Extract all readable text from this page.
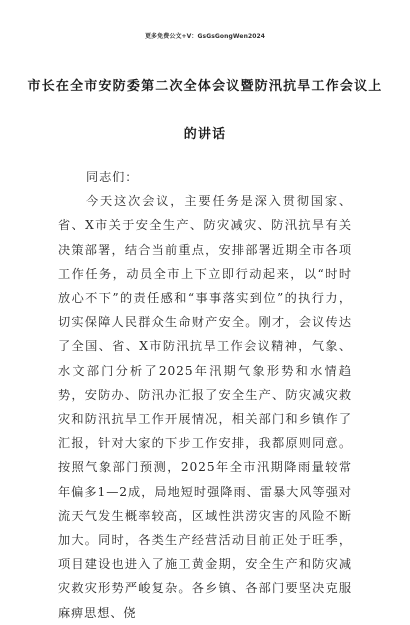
更多免费公文+V：GsGsGongWen2024
市长在全市安防委第二次全体会议暨防汛抗旱工作会议上
的讲话

同志们：

今天这次会议，主要任务是深入贯彻国家、省、X市关于安全生产、防灾减灾、防汛抗旱有关决策部署，结合当前重点，安排部署近期全市各项工作任务，动员全市上下立即行动起来，以“时时放心不下”的责任感和“事事落实到位”的执行力，切实保障人民群众生命财产安全。刚才，会议传达了全国、省、X市防汛抗旱工作会议精神，气象、水文部门分析了2025年汛期气象形势和水情趋势，安防办、防汛办汇报了安全生产、防灾减灾救灾和防汛抗旱工作开展情况，相关部门和乡镇作了汇报，针对大家的下步工作安排，我都原则同意。按照气象部门预测，2025年全市汛期降雨量较常年偏多1—2成，局地短时强降雨、雷暴大风等强对流天气发生概率较高，区域性洪涝灾害的风险不断加大。同时，各类生产经营活动目前正处于旺季，项目建设也进入了施工黄金期，安全生产和防灾减灾救灾形势严峻复杂。各乡镇、各部门要坚决克服麻痹思想、侥
